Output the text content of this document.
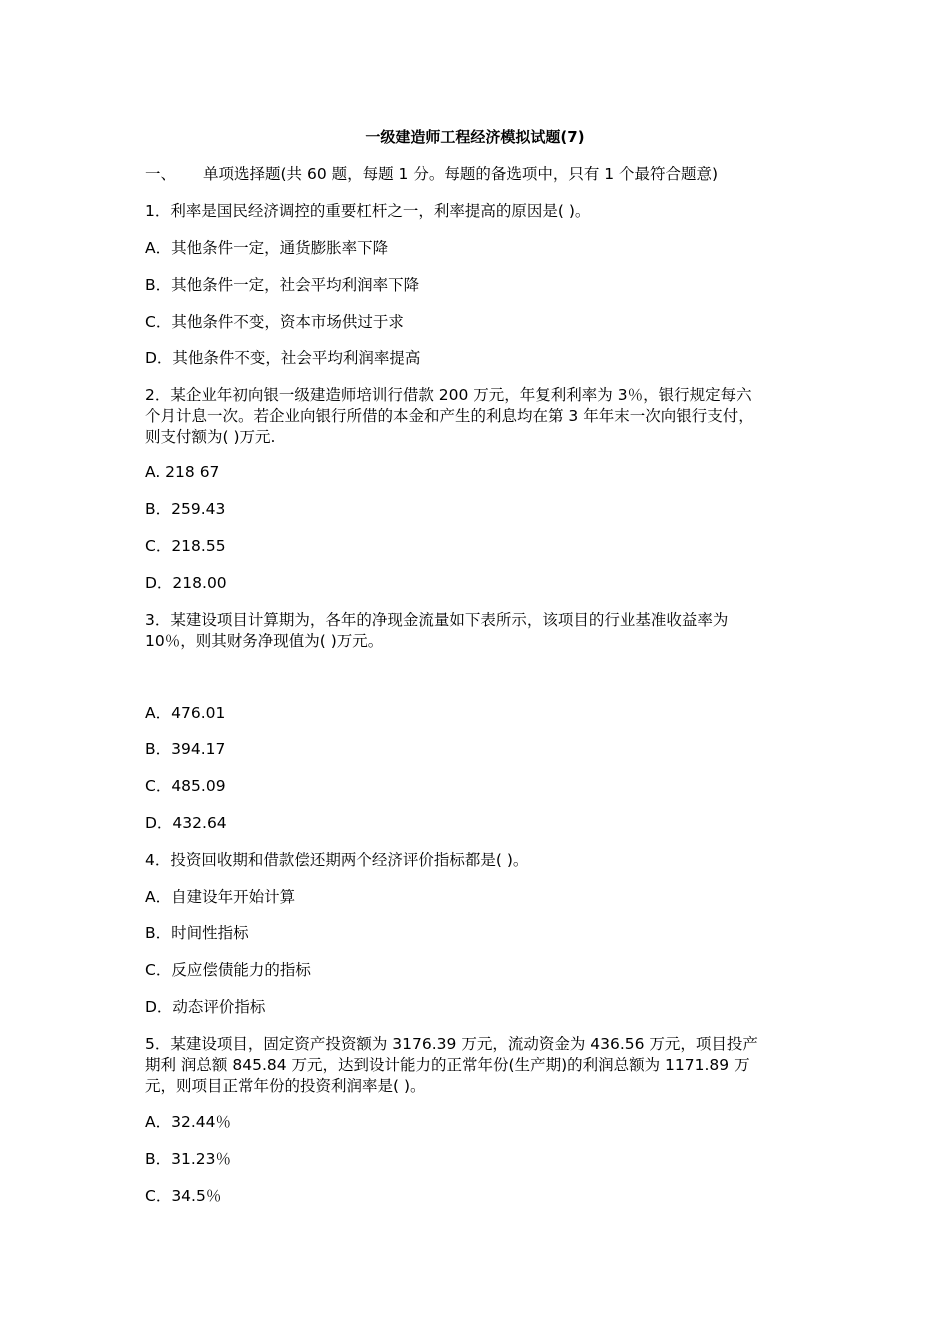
一级建造师工程经济模拟试题(7)
一、 单项选择题(共 60 题，每题 1 分。每题的备选项中，只有 1 个最符合题意)
1．利率是国民经济调控的重要杠杆之一，利率提高的原因是( )。
A．其他条件一定，通货膨胀率下降
B．其他条件一定，社会平均利润率下降
C．其他条件不变，资本市场供过于求
D．其他条件不变，社会平均利润率提高
2．某企业年初向银一级建造师培训行借款 200 万元，年复利利率为 3％，银行规定每六
个月计息一次。若企业向银行所借的本金和产生的利息均在第 3 年年末一次向银行支付，
则支付额为( )万元.
A. 218 67
B．259.43
C．218.55
D．218.00
3．某建设项目计算期为，各年的净现金流量如下表所示，该项目的行业基准收益率为
10％，则其财务净现值为( )万元。
A．476.01
B．394.17
C．485.09
D．432.64
4．投资回收期和借款偿还期两个经济评价指标都是( )。
A．自建设年开始计算
B．时间性指标
C．反应偿债能力的指标
D．动态评价指标
5．某建设项目，固定资产投资额为 3176.39 万元，流动资金为 436.56 万元，项目投产
期利 润总额 845.84 万元，达到设计能力的正常年份(生产期)的利润总额为 1171.89 万
元，则项目正常年份的投资利润率是( )。
A．32.44％
B．31.23％
C．34.5％
